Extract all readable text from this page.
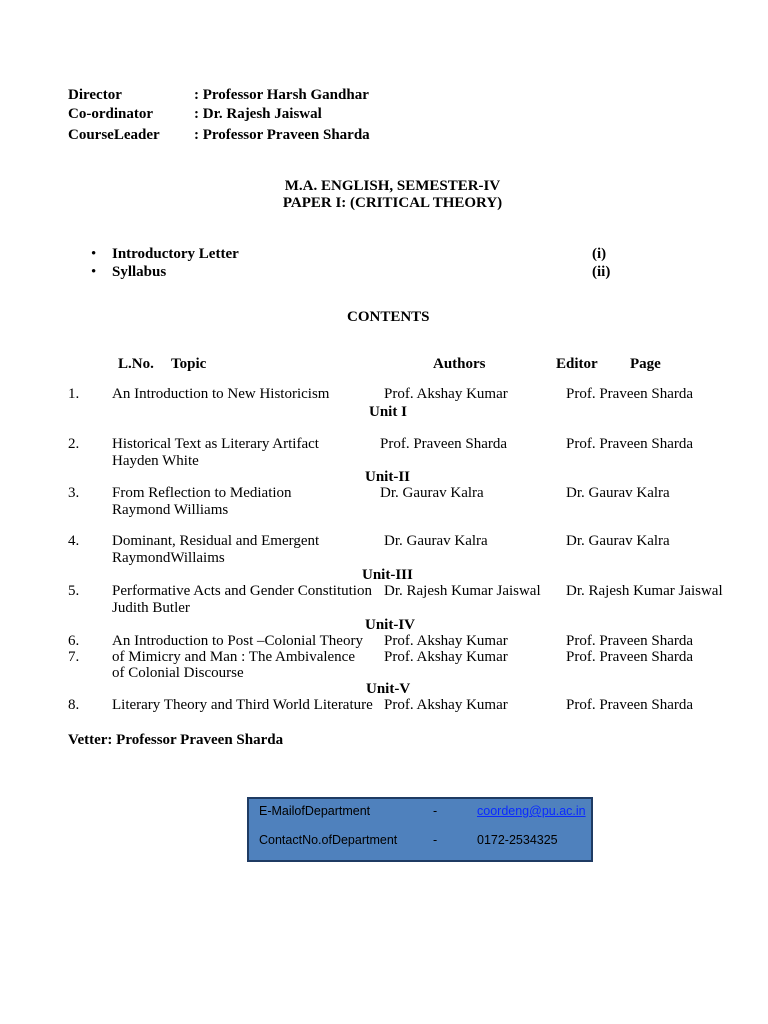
Director	: Professor Harsh Gandhar
Co-ordinator	: Dr. Rajesh Jaiswal
CourseLeader : Professor Praveen Sharda
M.A. ENGLISH, SEMESTER-IV
PAPER I: (CRITICAL THEORY)
• Introductory Letter	(i)
• Syllabus	(ii)
CONTENTS
L.No. Topic	Authors	Editor Page
1. An Introduction to New Historicism	Prof. Akshay Kumar	Prof. Praveen Sharda
Unit I
2. Historical Text as Literary Artifact
Hayden White
Prof. Praveen Sharda	Prof. Praveen Sharda
Unit-II
3. From Reflection to Mediation
Raymond Williams
Dr. Gaurav Kalra	Dr. Gaurav Kalra
4. Dominant, Residual and Emergent
RaymondWillaims
Dr. Gaurav Kalra	Dr. Gaurav Kalra
Unit-III
5. Performative Acts and Gender Constitution
Judith Butler
Dr. Rajesh Kumar Jaiswal Dr. Rajesh Kumar Jaiswal
Unit-IV
6. An Introduction to Post –Colonial Theory Prof. Akshay Kumar	Prof. Praveen Sharda
7. of Mimicry and Man : The Ambivalence
of Colonial Discourse
Prof. Akshay Kumar	Prof. Praveen Sharda
Unit-V
8. Literary Theory and Third World Literature Prof. Akshay Kumar	Prof. Praveen Sharda
Vetter: Professor Praveen Sharda
E-MailofDepartment	-	coordeng@pu.ac.in
ContactNo.ofDepartment	-	0172-2534325
